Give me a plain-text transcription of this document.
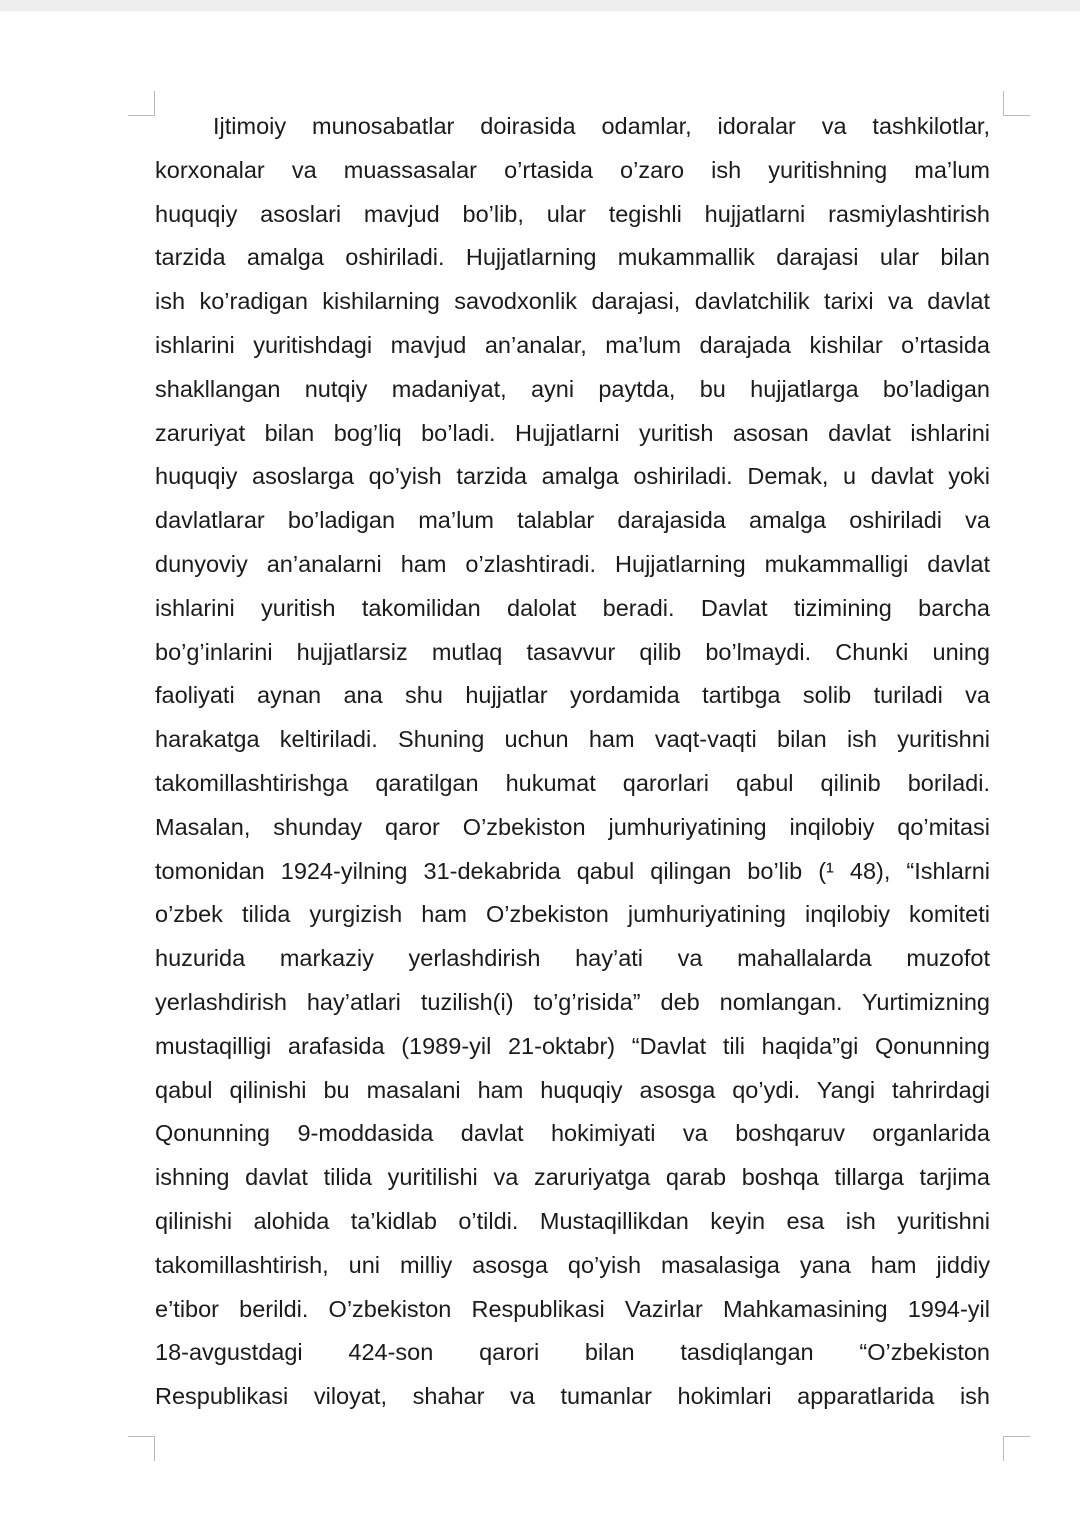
Ijtimoiy munosabatlar doirasida odamlar, idoralar va tashkilotlar,
korxonalar va muassasalar o’rtasida o’zaro ish yuritishning ma’lum
huquqiy asoslari mavjud bo’lib, ular tegishli hujjatlarni rasmiylashtirish
tarzida amalga oshiriladi. Hujjatlarning mukammallik darajasi ular bilan
ish ko’radigan kishilarning savodxonlik darajasi, davlatchilik tarixi va davlat
ishlarini yuritishdagi mavjud an’analar, ma’lum darajada kishilar o’rtasida
shakllangan nutqiy madaniyat, ayni paytda, bu hujjatlarga bo’ladigan
zaruriyat bilan bog’liq bo’ladi. Hujjatlarni yuritish asosan davlat ishlarini
huquqiy asoslarga qo’yish tarzida amalga oshiriladi. Demak, u davlat yoki
davlatlarar bo’ladigan ma’lum talablar darajasida amalga oshiriladi va
dunyoviy an’analarni ham o’zlashtiradi. Hujjatlarning mukammalligi davlat
ishlarini yuritish takomilidan dalolat beradi. Davlat tizimining barcha
bo’g’inlarini hujjatlarsiz mutlaq tasavvur qilib bo’lmaydi. Chunki uning
faoliyati aynan ana shu hujjatlar yordamida tartibga solib turiladi va
harakatga keltiriladi. Shuning uchun ham vaqt-vaqti bilan ish yuritishni
takomillashtirishga qaratilgan hukumat qarorlari qabul qilinib boriladi.
Masalan, shunday qaror O’zbekiston jumhuriyatining inqilobiy qo’mitasi
tomonidan 1924-yilning 31-dekabrida qabul qilingan bo’lib (¹ 48), “Ishlarni
o’zbek tilida yurgizish ham O’zbekiston jumhuriyatining inqilobiy komiteti
huzurida markaziy yerlashdirish hay’ati va mahallalarda muzofot
yerlashdirish hay’atlari tuzilish(i) to’g’risida” deb nomlangan. Yurtimizning
mustaqilligi arafasida (1989-yil 21-oktabr) “Davlat tili haqida”gi Qonunning
qabul qilinishi bu masalani ham huquqiy asosga qo’ydi. Yangi tahrirdagi
Qonunning 9-moddasida davlat hokimiyati va boshqaruv organlarida
ishning davlat tilida yuritilishi va zaruriyatga qarab boshqa tillarga tarjima
qilinishi alohida ta’kidlab o’tildi. Mustaqillikdan keyin esa ish yuritishni
takomillashtirish, uni milliy asosga qo’yish masalasiga yana ham jiddiy
e’tibor berildi. O’zbekiston Respublikasi Vazirlar Mahkamasining 1994-yil
18-avgustdagi 424-son qarori bilan tasdiqlangan “O’zbekiston
Respublikasi viloyat, shahar va tumanlar hokimlari apparatlarida ish
